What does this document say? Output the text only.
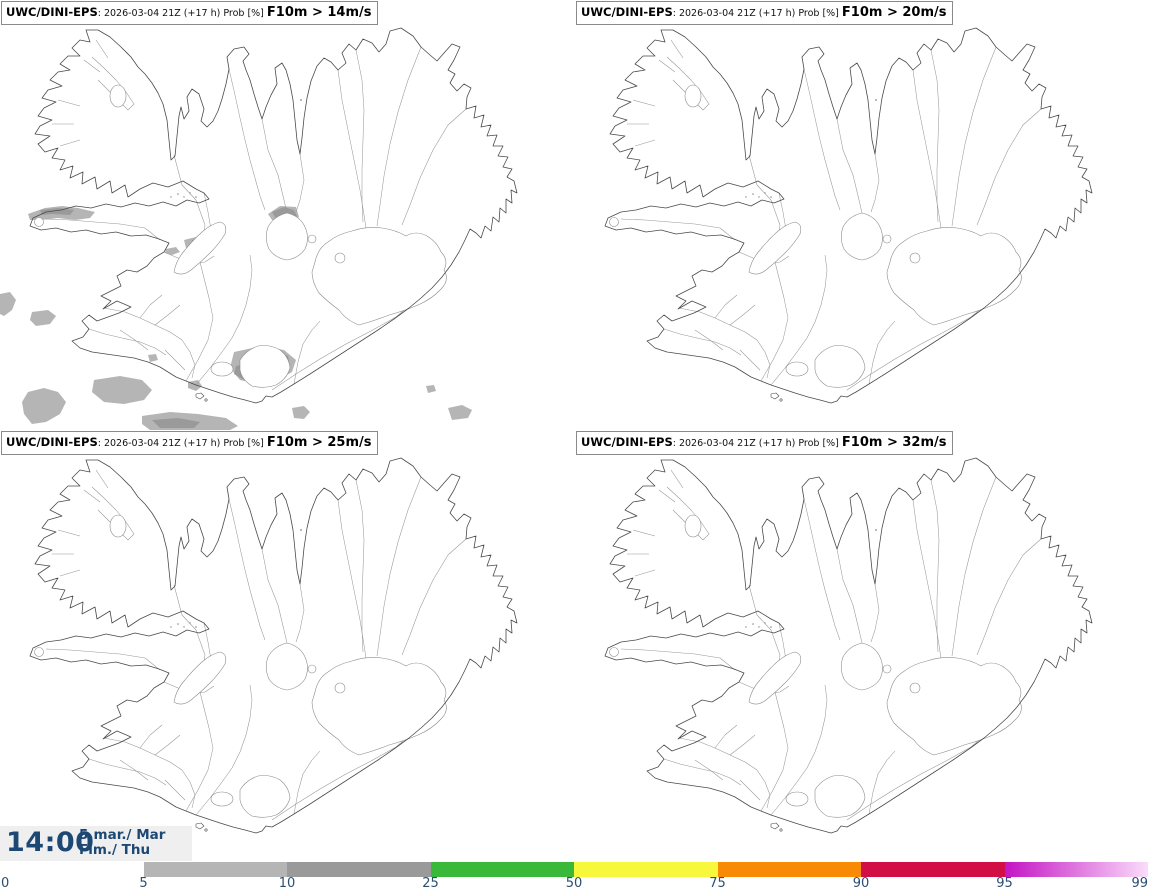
UWC/DINI-EPS: 2026-03-04 21Z (+17 h) Prob [%] F10m > 14m/s	UWC/DINI-EPS: 2026-03-04 21Z (+17 h) Prob [%] F10m > 20m/s
UWC/DINI-EPS: 2026-03-04 21Z (+17 h) Prob [%] F10m > 25m/s	UWC/DINI-EPS: 2026-03-04 21Z (+17 h) Prob [%] F10m > 32m/s
14:00
5.mar./ Mar
Fim./ Thu
0	5	10	25	50	75	90	95	99
